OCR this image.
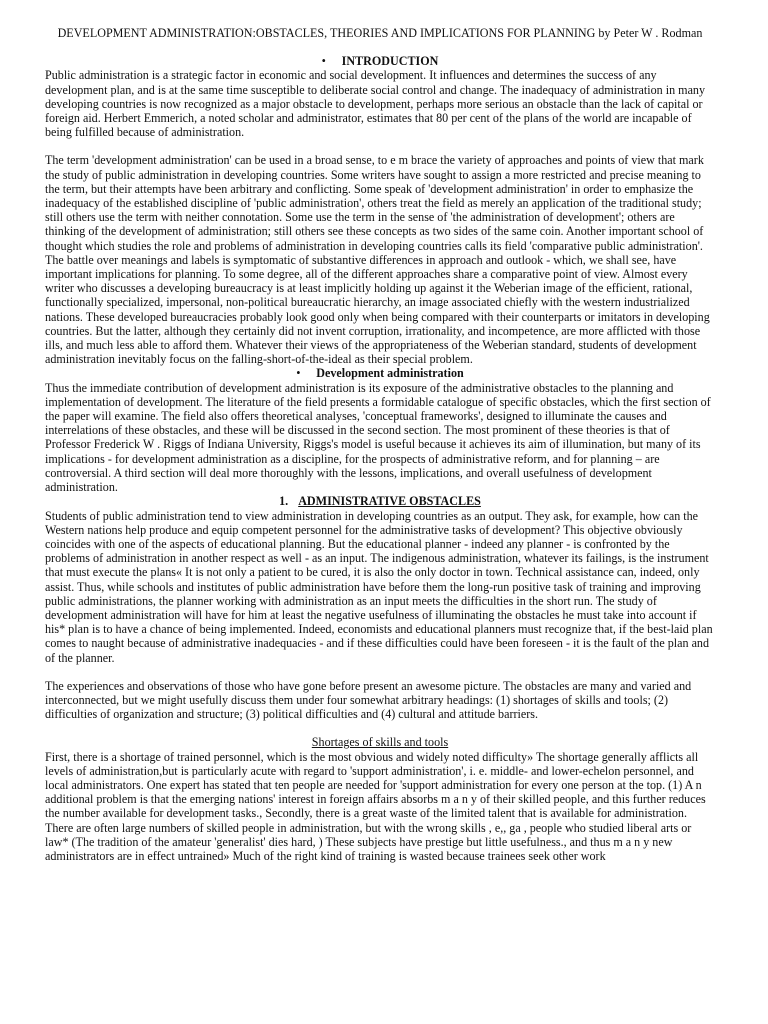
DEVELOPMENT ADMINISTRATION:OBSTACLES, THEORIES AND IMPLICATIONS FOR PLANNING by Peter W . Rodman

• INTRODUCTION

Public administration is a strategic factor in economic and social development. It influences and determines the success of any development plan, and is at the same time susceptible to deliberate social control and change. The inadequacy of administration in many developing countries is now recognized as a major obstacle to development, perhaps more serious an obstacle than the lack of capital or foreign aid. Herbert Emmerich, a noted scholar and administrator, estimates that 80 per cent of the plans of the world are incapable of being fulfilled because of administration.

The term 'development administration' can be used in a broad sense, to e m brace the variety of approaches and points of view that mark the study of public administration in developing countries. Some writers have sought to assign a more restricted and precise meaning to the term, but their attempts have been arbitrary and conflicting. Some speak of 'development administration' in order to emphasize the inadequacy of the established discipline of 'public administration', others treat the field as merely an application of the traditional study; still others use the term with neither connotation. Some use the term in the sense of 'the administration of development'; others are thinking of the development of administration; still others see these concepts as two sides of the same coin. Another important school of thought which studies the role and problems of administration in developing countries calls its field 'comparative public administration'. The battle over meanings and labels is symptomatic of substantive differences in approach and outlook - which, we shall see, have important implications for planning. To some degree, all of the different approaches share a comparative point of view. Almost every writer who discusses a developing bureaucracy is at least implicitly holding up against it the Weberian image of the efficient, rational, functionally specialized, impersonal, non-political bureaucratic hierarchy, an image associated chiefly with the western industrialized nations. These developed bureaucracies probably look good only when being compared with their counterparts or imitators in developing countries. But the latter, although they certainly did not invent corruption, irrationality, and incompetence, are more afflicted with those ills, and much less able to afford them. Whatever their views of the appropriateness of the Weberian standard, students of development administration inevitably focus on the falling-short-of-the-ideal as their special problem.

• Development administration

Thus the immediate contribution of development administration is its exposure of the administrative obstacles to the planning and implementation of development. The literature of the field presents a formidable catalogue of specific obstacles, which the first section of the paper will examine. The field also offers theoretical analyses, 'conceptual frameworks', designed to illuminate the causes and interrelations of these obstacles, and these will be discussed in the second section. The most prominent of these theories is that of Professor Frederick W . Riggs of Indiana University, Riggs's model is useful because it achieves its aim of illumination, but many of its implications - for development administration as a discipline, for the prospects of administrative reform, and for planning – are controversial. A third section will deal more thoroughly with the lessons, implications, and overall usefulness of development administration.

1. ADMINISTRATIVE OBSTACLES

Students of public administration tend to view administration in developing countries as an output. They ask, for example, how can the Western nations help produce and equip competent personnel for the administrative tasks of development? This objective obviously coincides with one of the aspects of educational planning. But the educational planner - indeed any planner - is confronted by the problems of administration in another respect as well - as an input. The indigenous administration, whatever its failings, is the instrument that must execute the plans« It is not only a patient to be cured, it is also the only doctor in town. Technical assistance can, indeed, only assist. Thus, while schools and institutes of public administration have before them the long-run positive task of training and improving public administrations, the planner working with administration as an input meets the difficulties in the short run. The study of development administration will have for him at least the negative usefulness of illuminating the obstacles he must take into account if his* plan is to have a chance of being implemented. Indeed, economists and educational planners must recognize that, if the best-laid plan comes to naught because of administrative inadequacies - and if these difficulties could have been foreseen - it is the fault of the plan and of the planner.

The experiences and observations of those who have gone before present an awesome picture. The obstacles are many and varied and interconnected, but we might usefully discuss them under four somewhat arbitrary headings: (1) shortages of skills and tools; (2) difficulties of organization and structure; (3) political difficulties and (4) cultural and attitude barriers.

Shortages of skills and tools

First, there is a shortage of trained personnel, which is the most obvious and widely noted difficulty» The shortage generally afflicts all levels of administration,but is particularly acute with regard to 'support administration', i. e. middle- and lower-echelon personnel, and local administrators. One expert has stated that ten people are needed for 'support administration for every one person at the top. (1) A n additional problem is that the emerging nations' interest in foreign affairs absorbs m a n y of their skilled people, and this further reduces the number available for development tasks., Secondly, there is a great waste of the limited talent that is available for administration. There are often large numbers of skilled people in administration, but with the wrong skills , e,, ga , people who studied liberal arts or law* (The tradition of the amateur 'generalist' dies hard, ) These subjects have prestige but little usefulness., and thus m a n y new administrators are in effect untrained» Much of the right kind of training is wasted because trainees seek other work
